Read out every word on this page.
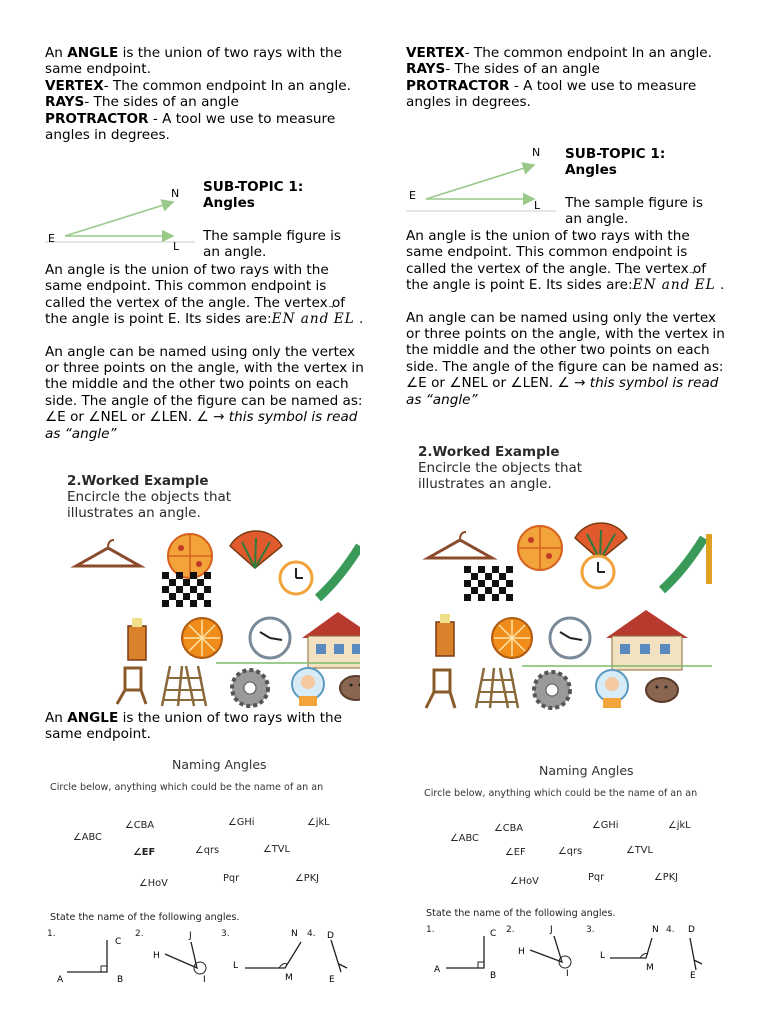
An ANGLE is the union of two rays with the same endpoint.

VERTEX- The common endpoint In an angle.

RAYS- The sides of an angle

PROTRACTOR - A tool we use to measure angles in degrees.

N
E
L
SUB-TOPIC 1:
Angles
The sample figure is an angle.

An angle is the union of two rays with the same endpoint. This common endpoint is called the vertex of the angle. The vertex of the angle is point E. Its sides are:⃗ EN and ⃗ EL .

An angle can be named using only the vertex or three points on the angle, with the vertex in the middle and the other two points on each side. The angle of the figure can be named as: ∠E or ∠NEL or ∠LEN. ∠ → this symbol is read as “angle”

2.Worked Example
Encircle the objects that
illustrates an angle.

An ANGLE is the union of two rays with the same endpoint.

Naming Angles
Circle below, anything which could be the name of an an
∠ABC
∠CBA	∠GHi	∠jkL
∠EF	∠qrs	∠TVL
∠HoV	Pqr	∠PKJ
State the name of the following angles.
1.	2.	3.	4.
A	B
C
H
J
I
L
M
N	D
E

VERTEX- The common endpoint In an angle.

RAYS- The sides of an angle

PROTRACTOR - A tool we use to measure angles in degrees.

N
E
L
SUB-TOPIC 1:
Angles
The sample figure is an angle.

An angle is the union of two rays with the same endpoint. This common endpoint is called the vertex of the angle. The vertex of the angle is point E. Its sides are:⃗ EN and ⃗ EL .

An angle can be named using only the vertex or three points on the angle, with the vertex in the middle and the other two points on each side. The angle of the figure can be named as: ∠E or ∠NEL or ∠LEN. ∠ → this symbol is read as “angle”

2.Worked Example
Encircle the objects that
illustrates an angle.
Naming Angles
Circle below, anything which could be the name of an an
∠ABC
∠CBA	∠GHi	∠jkL
∠EF	∠qrs	∠TVL
∠HoV	Pqr	∠PKJ
State the name of the following angles.
1.	2.	3.	4.
A
B
C
H
J
I
L
M
N	D
E
